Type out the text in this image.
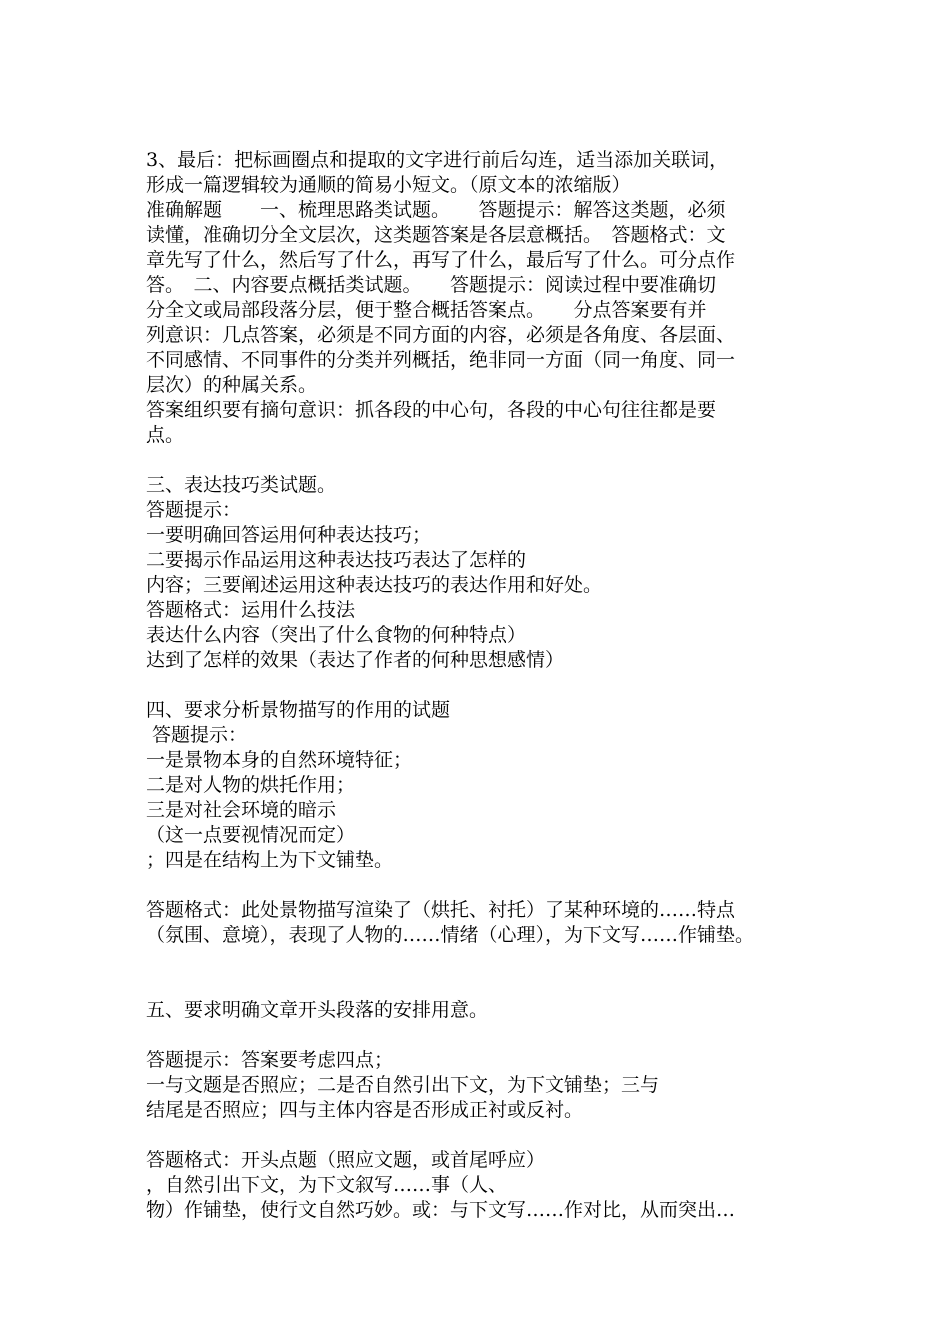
3、最后：把标画圈点和提取的文字进行前后勾连，适当添加关联词，
形成一篇逻辑较为通顺的简易小短文。（原文本的浓缩版）
准确解题　　一、梳理思路类试题。　　答题提示：解答这类题，必须
读懂，准确切分全文层次，这类题答案是各层意概括。　答题格式：文
章先写了什么，然后写了什么，再写了什么，最后写了什么。可分点作
答。　二、内容要点概括类试题。　　答题提示：阅读过程中要准确切
分全文或局部段落分层，便于整合概括答案点。　　分点答案要有并
列意识：几点答案，必须是不同方面的内容，必须是各角度、各层面、
不同感情、不同事件的分类并列概括，绝非同一方面（同一角度、同一
层次）的种属关系。
答案组织要有摘句意识：抓各段的中心句，各段的中心句往往都是要
点。
三、表达技巧类试题。
答题提示：
一要明确回答运用何种表达技巧；
二要揭示作品运用这种表达技巧表达了怎样的
内容；三要阐述运用这种表达技巧的表达作用和好处。
答题格式：运用什么技法
表达什么内容（突出了什么食物的何种特点）
达到了怎样的效果（表达了作者的何种思想感情）
四、要求分析景物描写的作用的试题
答题提示：
一是景物本身的自然环境特征；
二是对人物的烘托作用；
三是对社会环境的暗示
（这一点要视情况而定）
；四是在结构上为下文铺垫。
答题格式：此处景物描写渲染了（烘托、衬托）了某种环境的……特点
（氛围、意境），表现了人物的……情绪（心理），为下文写……作铺垫。
五、要求明确文章开头段落的安排用意。
答题提示：答案要考虑四点；
一与文题是否照应；二是否自然引出下文，为下文铺垫；三与
结尾是否照应；四与主体内容是否形成正衬或反衬。
答题格式：开头点题（照应文题，或首尾呼应）
，自然引出下文，为下文叙写……事（人、
物）作铺垫，使行文自然巧妙。或：与下文写……作对比，从而突出…
